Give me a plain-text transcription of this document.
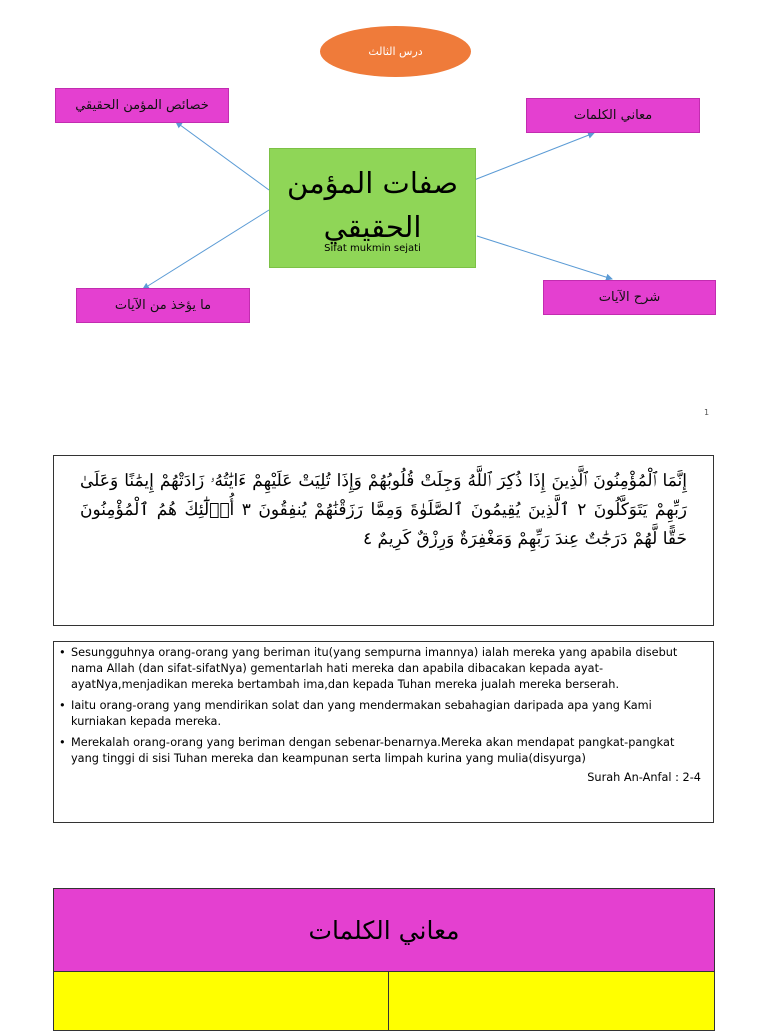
درس الثالث
خصائص المؤمن الحقيقي
معاني الكلمات
صفات المؤمن الحقيقي
Sifat mukmin sejati
ما يؤخذ من الآيات
شرح الآيات
1
إِنَّمَا ٱلْمُؤْمِنُونَ ٱلَّذِينَ إِذَا ذُكِرَ ٱللَّهُ وَجِلَتْ قُلُوبُهُمْ وَإِذَا تُلِيَتْ عَلَيْهِمْ ءَايَٰتُهُۥ زَادَتْهُمْ إِيمَٰنًا وَعَلَىٰ رَبِّهِمْ يَتَوَكَّلُونَ ٢ ٱلَّذِينَ يُقِيمُونَ ٱلصَّلَوٰةَ وَمِمَّا رَزَقْنَٰهُمْ يُنفِقُونَ ٣ أُو۟لَٰٓئِكَ هُمُ ٱلْمُؤْمِنُونَ حَقًّا لَّهُمْ دَرَجَٰتٌ عِندَ رَبِّهِمْ وَمَغْفِرَةٌ وَرِزْقٌ كَرِيمٌ ٤
• Sesungguhnya orang-orang yang beriman itu(yang sempurna imannya) ialah mereka yang apabila disebut nama Allah (dan sifat-sifatNya) gementarlah hati mereka dan apabila dibacakan kepada ayat-ayatNya,menjadikan mereka bertambah ima,dan kepada Tuhan mereka jualah mereka berserah.
• Iaitu orang-orang yang mendirikan solat dan yang mendermakan sebahagian daripada apa yang Kami kurniakan kepada mereka.
• Merekalah orang-orang yang beriman dengan sebenar-benarnya.Mereka akan mendapat pangkat-pangkat yang tinggi di sisi Tuhan mereka dan keampunan serta limpah kurina yang mulia(disyurga)
Surah An-Anfal : 2-4
معاني الكلمات
